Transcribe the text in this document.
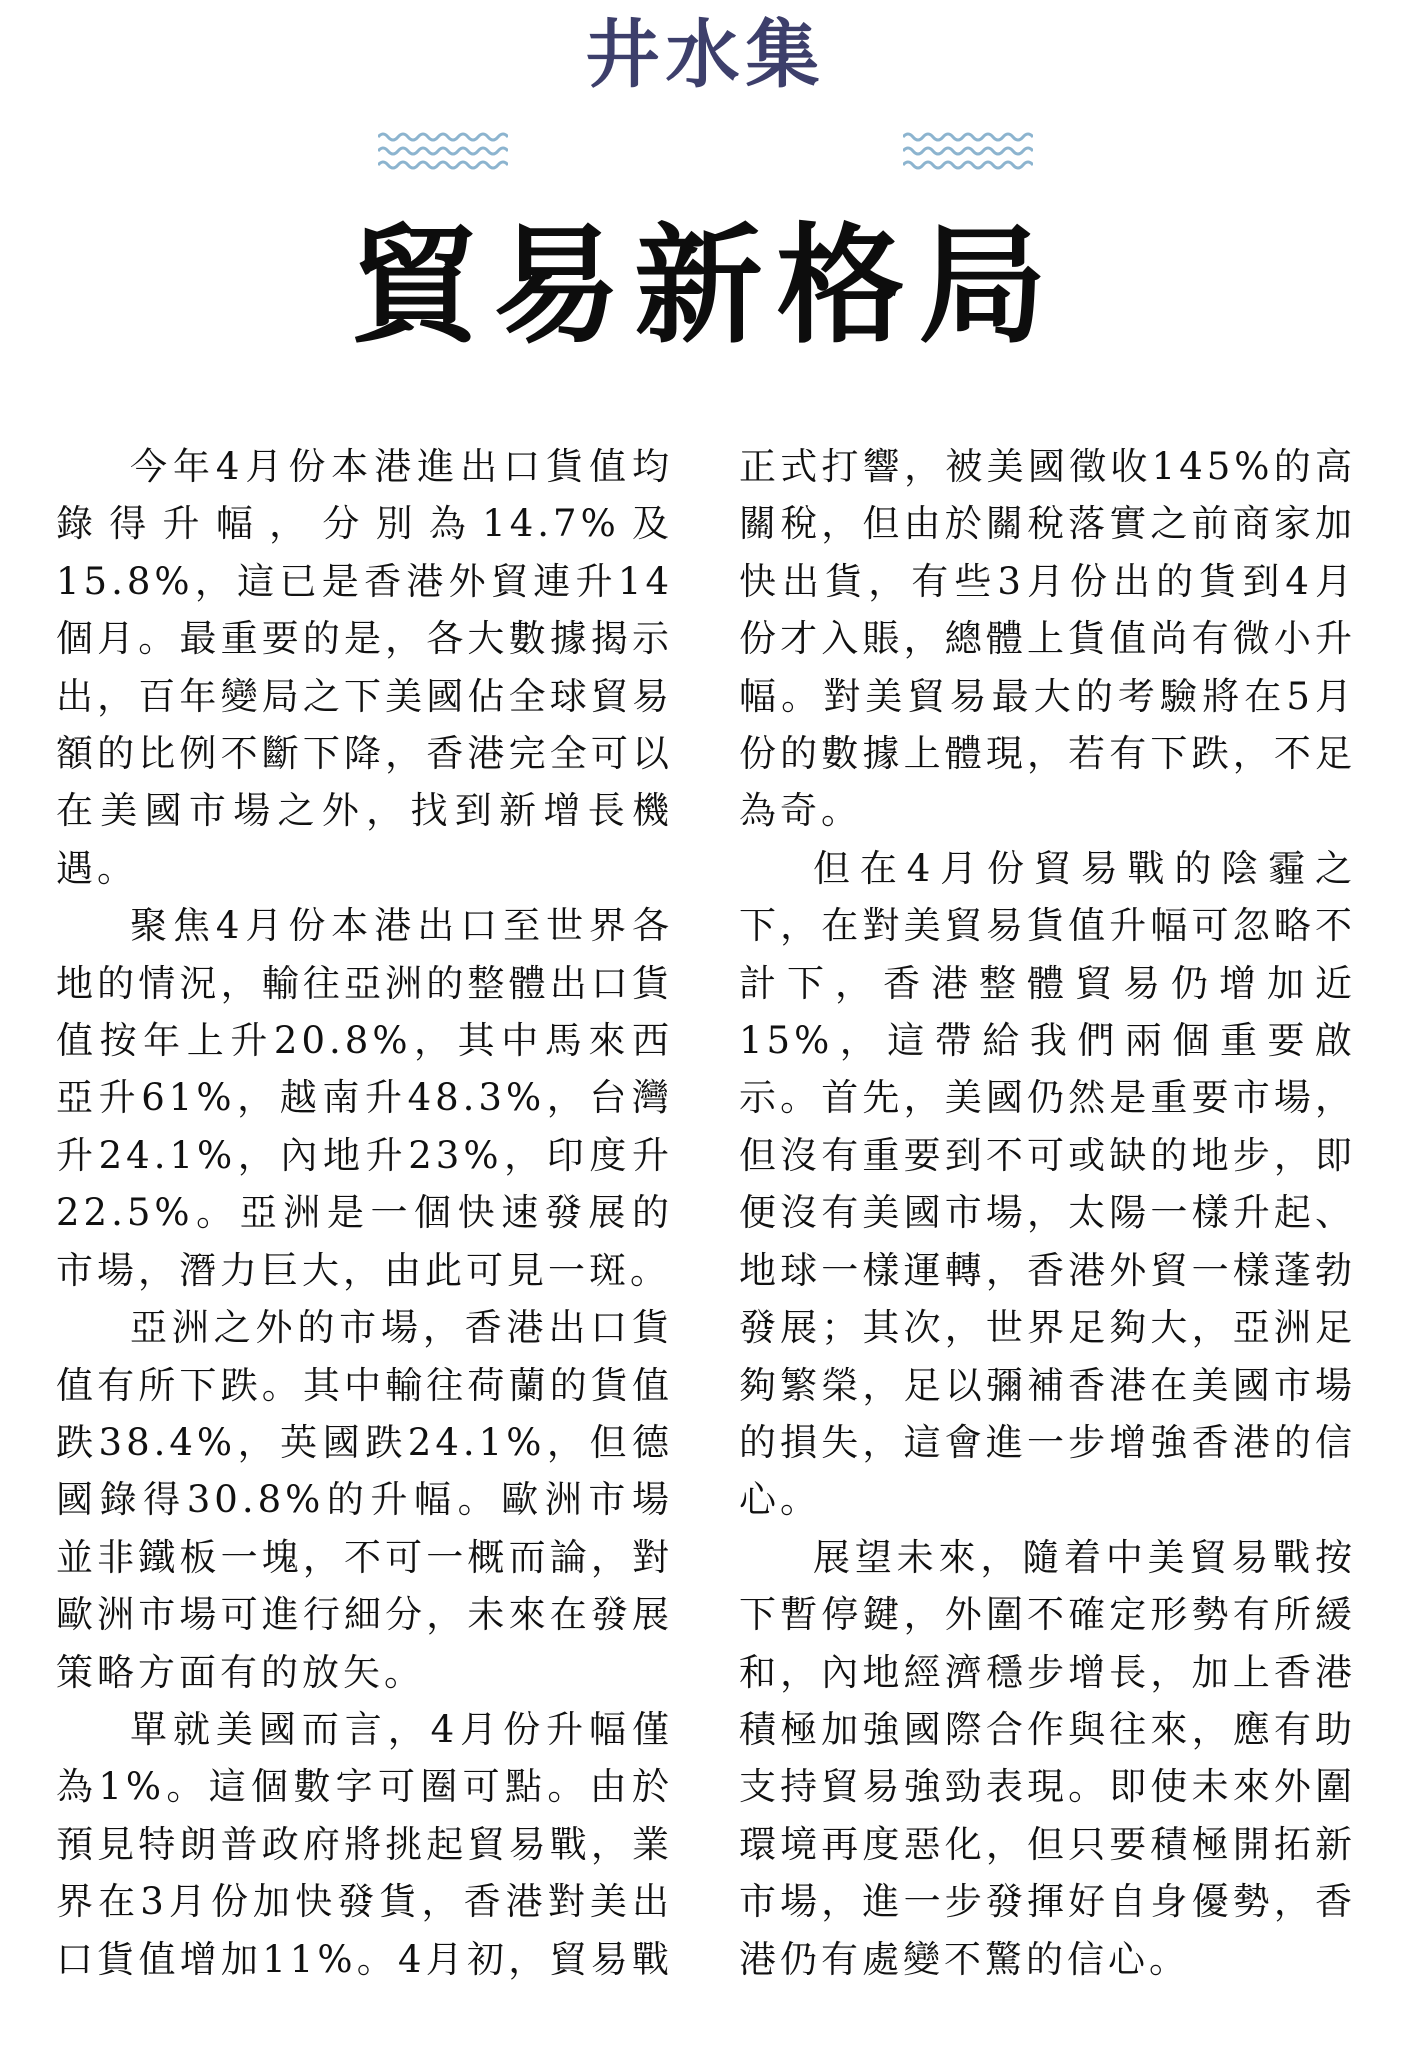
井水集
貿易新格局

今年4月份本港進出口貨值均錄得升幅，分別為14.7%及15.8%，這已是香港外貿連升14個月。最重要的是，各大數據揭示出，百年變局之下美國佔全球貿易額的比例不斷下降，香港完全可以在美國市場之外，找到新增長機遇。

聚焦4月份本港出口至世界各地的情況，輸往亞洲的整體出口貨值按年上升20.8%，其中馬來西亞升61%，越南升48.3%，台灣升24.1%，內地升23%，印度升22.5%。亞洲是一個快速發展的市場，潛力巨大，由此可見一斑。

亞洲之外的市場，香港出口貨值有所下跌。其中輸往荷蘭的貨值跌38.4%，英國跌24.1%，但德國錄得30.8%的升幅。歐洲市場並非鐵板一塊，不可一概而論，對歐洲市場可進行細分，未來在發展策略方面有的放矢。

單就美國而言，4月份升幅僅為1%。這個數字可圈可點。由於預見特朗普政府將挑起貿易戰，業界在3月份加快發貨，香港對美出口貨值增加11%。4月初，貿易戰正式打響，被美國徵收145%的高關稅，但由於關稅落實之前商家加快出貨，有些3月份出的貨到4月份才入賬，總體上貨值尚有微小升幅。對美貿易最大的考驗將在5月份的數據上體現，若有下跌，不足為奇。

但在4月份貿易戰的陰霾之下，在對美貿易貨值升幅可忽略不計下，香港整體貿易仍增加近15%，這帶給我們兩個重要啟示。首先，美國仍然是重要市場，但沒有重要到不可或缺的地步，即便沒有美國市場，太陽一樣升起、地球一樣運轉，香港外貿一樣蓬勃發展；其次，世界足夠大，亞洲足夠繁榮，足以彌補香港在美國市場的損失，這會進一步增強香港的信心。

展望未來，隨着中美貿易戰按下暫停鍵，外圍不確定形勢有所緩和，內地經濟穩步增長，加上香港積極加強國際合作與往來，應有助支持貿易強勁表現。即使未來外圍環境再度惡化，但只要積極開拓新市場，進一步發揮好自身優勢，香港仍有處變不驚的信心。
